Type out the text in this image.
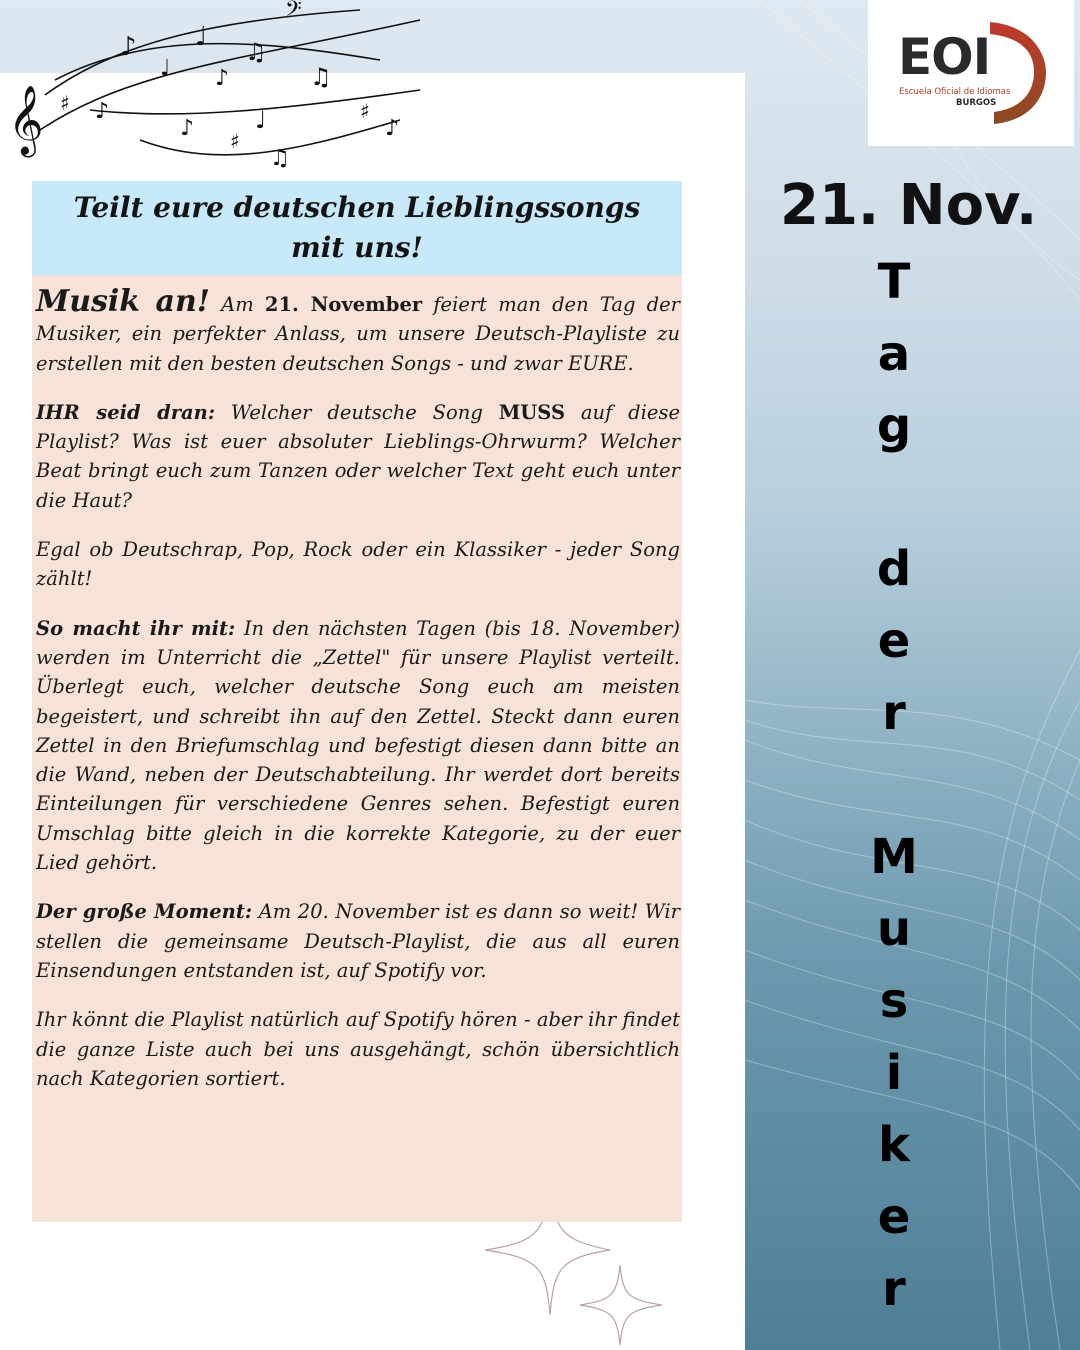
𝄞
♪ ♩ ♫
𝄢
♫
♯ ♪
♪ ♯
♩
♫
♯
♪
♪
♩	EOI
Escuela Oficial de Idiomas
BURGOS
Teilt eure deutschen Lieblingssongs mit uns!

Musik an! Am 21. November feiert man den Tag der Musiker, ein perfekter Anlass, um unsere Deutsch-Playliste zu erstellen mit den besten deutschen Songs - und zwar EURE.

IHR seid dran: Welcher deutsche Song MUSS auf diese Playlist? Was ist euer absoluter Lieblings-Ohrwurm? Welcher Beat bringt euch zum Tanzen oder welcher Text geht euch unter die Haut?

Egal ob Deutschrap, Pop, Rock oder ein Klassiker - jeder Song zählt!

So macht ihr mit: In den nächsten Tagen (bis 18. November) werden im Unterricht die „Zettel" für unsere Playlist verteilt. Überlegt euch, welcher deutsche Song euch am meisten begeistert, und schreibt ihn auf den Zettel. Steckt dann euren Zettel in den Briefumschlag und befestigt diesen dann bitte an die Wand, neben der Deutschabteilung. Ihr werdet dort bereits Einteilungen für verschiedene Genres sehen. Befestigt euren Umschlag bitte gleich in die korrekte Kategorie, zu der euer Lied gehört.

Der große Moment: Am 20. November ist es dann so weit! Wir stellen die gemeinsame Deutsch-Playlist, die aus all euren Einsendungen entstanden ist, auf Spotify vor.

Ihr könnt die Playlist natürlich auf Spotify hören - aber ihr findet die ganze Liste auch bei uns ausgehängt, schön übersichtlich nach Kategorien sortiert.

21. Nov.
T
a
g
d
e
r
M
u
s
i
k
e
r
